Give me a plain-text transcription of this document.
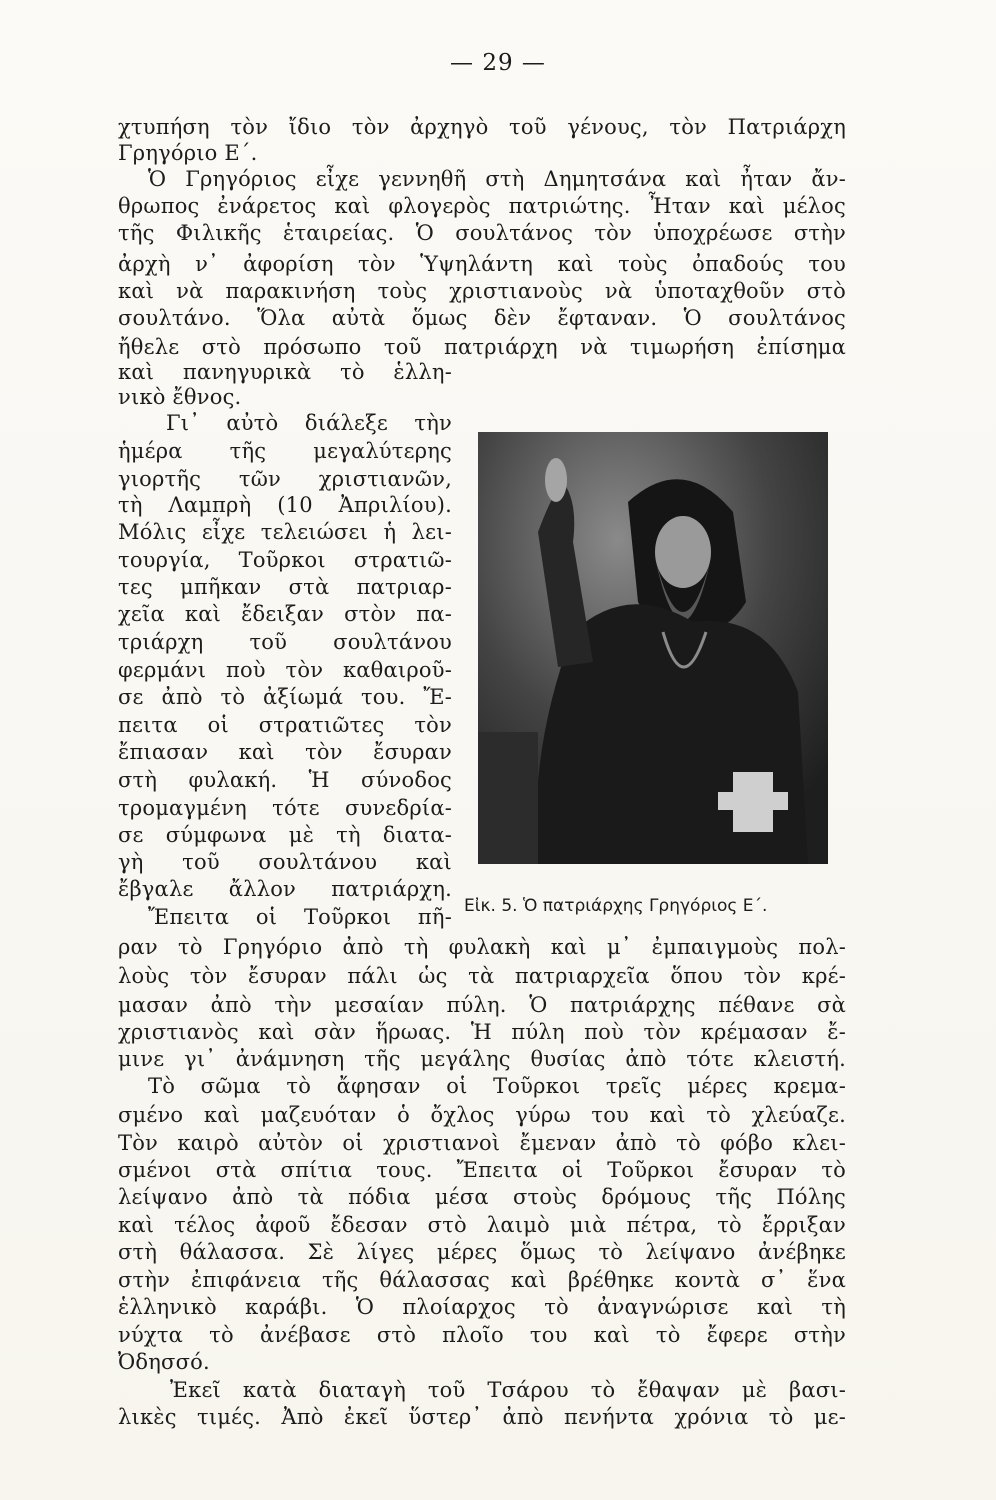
— 29 —
χτυπήση τὸν ἴδιο τὸν ἀρχηγὸ τοῦ γένους, τὸν Πατριάρχη
Γρηγόριο Ε΄.
Ὁ Γρηγόριος εἶχε γεννηθῆ στὴ Δημητσάνα καὶ ἦταν ἄν-
θρωπος ἐνάρετος καὶ φλογερὸς πατριώτης. Ἦταν καὶ μέλος
τῆς Φιλικῆς ἑταιρείας. Ὁ σουλτάνος τὸν ὑποχρέωσε στὴν
ἀρχὴ ν᾿ ἀφορίση τὸν Ὑψηλάντη καὶ τοὺς ὀπαδούς του
καὶ νὰ παρακινήση τοὺς χριστιανοὺς νὰ ὑποταχθοῦν στὸ
σουλτάνο. Ὅλα αὐτὰ ὅμως δὲν ἔφταναν. Ὁ σουλτάνος
ἤθελε στὸ πρόσωπο τοῦ πατριάρχη νὰ τιμωρήση ἐπίσημα
καὶ πανηγυρικὰ τὸ ἑλλη-
νικὸ ἔθνος.
Γι᾿ αὐτὸ διάλεξε τὴν
ἡμέρα τῆς μεγαλύτερης
γιορτῆς τῶν χριστιανῶν,
τὴ Λαμπρὴ (10 Ἀπριλίου).
Μόλις εἶχε τελειώσει ἡ λει-
τουργία, Τοῦρκοι στρατιῶ-
τες μπῆκαν στὰ πατριαρ-
χεῖα καὶ ἔδειξαν στὸν πα-
τριάρχη τοῦ σουλτάνου
φερμάνι ποὺ τὸν καθαιροῦ-
σε ἀπὸ τὸ ἀξίωμά του. Ἔ-
πειτα οἱ στρατιῶτες τὸν
ἔπιασαν καὶ τὸν ἔσυραν
στὴ φυλακή. Ἡ σύνοδος
τρομαγμένη τότε συνεδρία-
σε σύμφωνα μὲ τὴ διατα-
γὴ τοῦ σουλτάνου καὶ
ἔβγαλε ἄλλον πατριάρχη.
Ἔπειτα οἱ Τοῦρκοι πῆ-
ραν τὸ Γρηγόριο ἀπὸ τὴ φυλακὴ καὶ μ᾿ ἐμπαιγμοὺς πολ-
λοὺς τὸν ἔσυραν πάλι ὡς τὰ πατριαρχεῖα ὅπου τὸν κρέ-
μασαν ἀπὸ τὴν μεσαίαν πύλη. Ὁ πατριάρχης πέθανε σὰ
χριστιανὸς καὶ σὰν ἥρωας. Ἡ πύλη ποὺ τὸν κρέμασαν ἔ-
μινε γι᾿ ἀνάμνηση τῆς μεγάλης θυσίας ἀπὸ τότε κλειστή.
Τὸ σῶμα τὸ ἄφησαν οἱ Τοῦρκοι τρεῖς μέρες κρεμα-
σμένο καὶ μαζευόταν ὁ ὄχλος γύρω του καὶ τὸ χλεύαζε.
Τὸν καιρὸ αὐτὸν οἱ χριστιανοὶ ἔμεναν ἀπὸ τὸ φόβο κλει-
σμένοι στὰ σπίτια τους. Ἔπειτα οἱ Τοῦρκοι ἔσυραν τὸ
λείψανο ἀπὸ τὰ πόδια μέσα στοὺς δρόμους τῆς Πόλης
καὶ τέλος ἀφοῦ ἔδεσαν στὸ λαιμὸ μιὰ πέτρα, τὸ ἔρριξαν
στὴ θάλασσα. Σὲ λίγες μέρες ὅμως τὸ λείψανο ἀνέβηκε
στὴν ἐπιφάνεια τῆς θάλασσας καὶ βρέθηκε κοντὰ σ᾿ ἕνα
ἑλληνικὸ καράβι. Ὁ πλοίαρχος τὸ ἀναγνώρισε καὶ τὴ
νύχτα τὸ ἀνέβασε στὸ πλοῖο του καὶ τὸ ἔφερε στὴν
Ὀδησσό.
Ἐκεῖ κατὰ διαταγὴ τοῦ Τσάρου τὸ ἔθαψαν μὲ βασι-
λικὲς τιμές. Ἀπὸ ἐκεῖ ὕστερ᾿ ἀπὸ πενήντα χρόνια τὸ με-
Εἰκ. 5. Ὁ πατριάρχης Γρηγόριος Ε΄.
